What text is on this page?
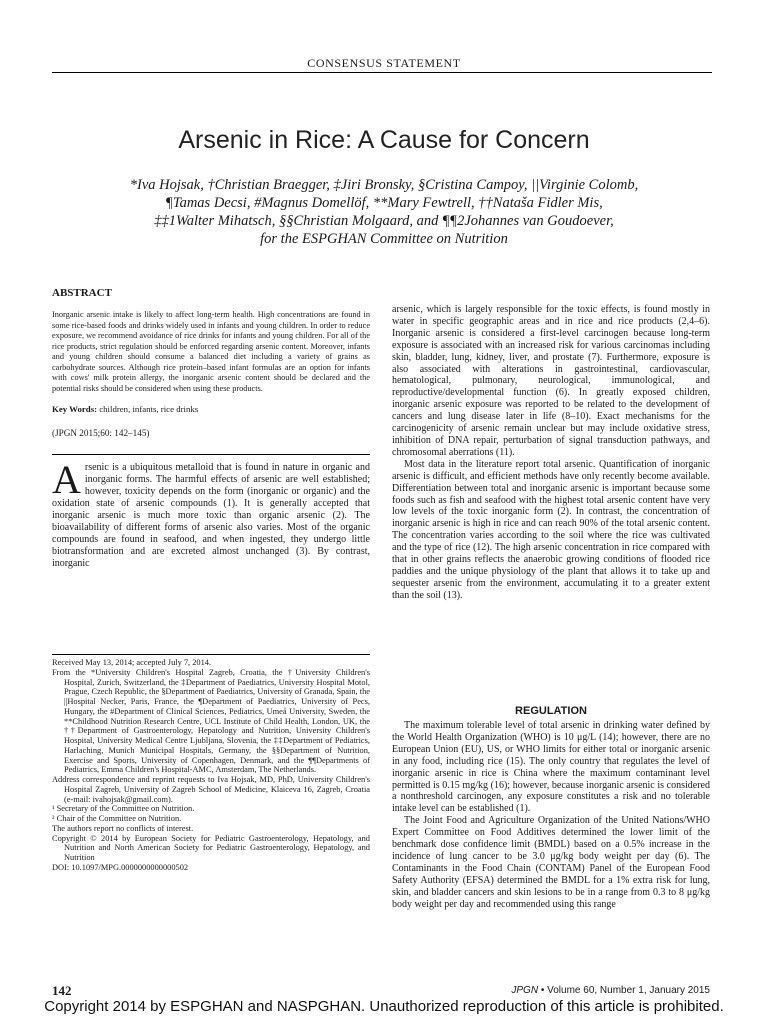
CONSENSUS STATEMENT
Arsenic in Rice: A Cause for Concern
*Iva Hojsak, †Christian Braegger, ‡Jiri Bronsky, §Cristina Campoy, ||Virginie Colomb,
¶Tamas Decsi, #Magnus Domellöf, **Mary Fewtrell, ††Nataša Fidler Mis,
‡‡1Walter Mihatsch, §§Christian Molgaard, and ¶¶2Johannes van Goudoever,
for the ESPGHAN Committee on Nutrition
ABSTRACT
Inorganic arsenic intake is likely to affect long-term health. High concentrations are found in some rice-based foods and drinks widely used in infants and young children. In order to reduce exposure, we recommend avoidance of rice drinks for infants and young children. For all of the rice products, strict regulation should be enforced regarding arsenic content. Moreover, infants and young children should consume a balanced diet including a variety of grains as carbohydrate sources. Although rice protein–based infant formulas are an option for infants with cows' milk protein allergy, the inorganic arsenic content should be declared and the potential risks should be considered when using these products.
Key Words: children, infants, rice drinks
(JPGN 2015;60: 142–145)
Arsenic is a ubiquitous metalloid that is found in nature in organic and inorganic forms. The harmful effects of arsenic are well established; however, toxicity depends on the form (inorganic or organic) and the oxidation state of arsenic compounds (1). It is generally accepted that inorganic arsenic is much more toxic than organic arsenic (2). The bioavailability of different forms of arsenic also varies. Most of the organic compounds are found in seafood, and when ingested, they undergo little biotransformation and are excreted almost unchanged (3). By contrast, inorganic

Received May 13, 2014; accepted July 7, 2014.

From the *University Children's Hospital Zagreb, Croatia, the †University Children's Hospital, Zurich, Switzerland, the ‡Department of Paediatrics, University Hospital Motol, Prague, Czech Republic, the §Department of Paediatrics, University of Granada, Spain, the ||Hospital Necker, Paris, France, the ¶Department of Paediatrics, University of Pecs, Hungary, the #Department of Clinical Sciences, Pediatrics, Umeå University, Sweden, the **Childhood Nutrition Research Centre, UCL Institute of Child Health, London, UK, the ††Department of Gastroenterology, Hepatology and Nutrition, University Children's Hospital, University Medical Centre Ljubljana, Slovenia, the ‡‡Department of Pediatrics, Harlaching, Munich Municipal Hospitals, Germany, the §§Department of Nutrition, Exercise and Sports, University of Copenhagen, Denmark, and the ¶¶Departments of Pediatrics, Emma Children's Hospital-AMC, Amsterdam, The Netherlands.

Address correspondence and reprint requests to Iva Hojsak, MD, PhD, University Children's Hospital Zagreb, University of Zagreb School of Medicine, Klaiceva 16, Zagreb, Croatia (e-mail: ivahojsak@gmail.com).

¹ Secretary of the Committee on Nutrition.

² Chair of the Committee on Nutrition.

The authors report no conflicts of interest.

Copyright © 2014 by European Society for Pediatric Gastroenterology, Hepatology, and Nutrition and North American Society for Pediatric Gastroenterology, Hepatology, and Nutrition

DOI: 10.1097/MPG.0000000000000502

arsenic, which is largely responsible for the toxic effects, is found mostly in water in specific geographic areas and in rice and rice products (2,4–6). Inorganic arsenic is considered a first-level carcinogen because long-term exposure is associated with an increased risk for various carcinomas including skin, bladder, lung, kidney, liver, and prostate (7). Furthermore, exposure is also associated with alterations in gastrointestinal, cardiovascular, hematological, pulmonary, neurological, immunological, and reproductive/developmental function (6). In greatly exposed children, inorganic arsenic exposure was reported to be related to the development of cancers and lung disease later in life (8–10). Exact mechanisms for the carcinogenicity of arsenic remain unclear but may include oxidative stress, inhibition of DNA repair, perturbation of signal transduction pathways, and chromosomal aberrations (11).

Most data in the literature report total arsenic. Quantification of inorganic arsenic is difficult, and efficient methods have only recently become available. Differentiation between total and inorganic arsenic is important because some foods such as fish and seafood with the highest total arsenic content have very low levels of the toxic inorganic form (2). In contrast, the concentration of inorganic arsenic is high in rice and can reach 90% of the total arsenic content. The concentration varies according to the soil where the rice was cultivated and the type of rice (12). The high arsenic concentration in rice compared with that in other grains reflects the anaerobic growing conditions of flooded rice paddies and the unique physiology of the plant that allows it to take up and sequester arsenic from the environment, accumulating it to a greater extent than the soil (13).

REGULATION

The maximum tolerable level of total arsenic in drinking water defined by the World Health Organization (WHO) is 10 μg/L (14); however, there are no European Union (EU), US, or WHO limits for either total or inorganic arsenic in any food, including rice (15). The only country that regulates the level of inorganic arsenic in rice is China where the maximum contaminant level permitted is 0.15 mg/kg (16); however, because inorganic arsenic is considered a nonthreshold carcinogen, any exposure constitutes a risk and no tolerable intake level can be established (1).

The Joint Food and Agriculture Organization of the United Nations/WHO Expert Committee on Food Additives determined the lower limit of the benchmark dose confidence limit (BMDL) based on a 0.5% increase in the incidence of lung cancer to be 3.0 μg/kg body weight per day (6). The Contaminants in the Food Chain (CONTAM) Panel of the European Food Safety Authority (EFSA) determined the BMDL for a 1% extra risk for lung, skin, and bladder cancers and skin lesions to be in a range from 0.3 to 8 μg/kg body weight per day and recommended using this range

142	JPGN • Volume 60, Number 1, January 2015
Copyright 2014 by ESPGHAN and NASPGHAN. Unauthorized reproduction of this article is prohibited.
